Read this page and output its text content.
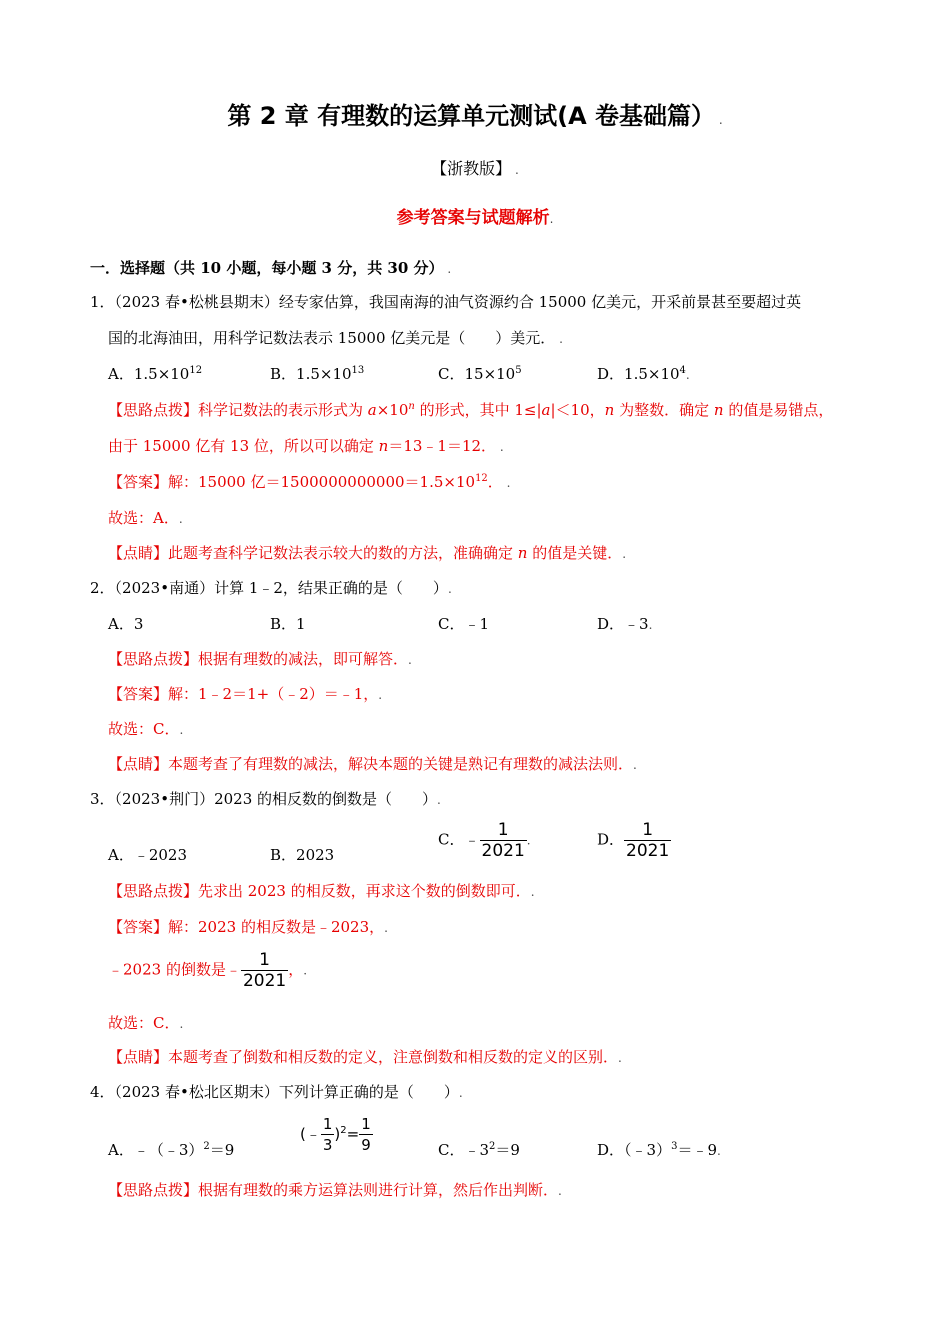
第 2 章 有理数的运算单元测试(A 卷基础篇） .
【浙教版】 .
参考答案与试题解析.
一．选择题（共 10 小题，每小题 3 分，共 30 分） .
1．（2023 春•松桃县期末）经专家估算，我国南海的油气资源约合 15000 亿美元，开采前景甚至要超过英
国的北海油田，用科学记数法表示 15000 亿美元是（　　）美元． .
A．$1.5\times 10^{12}$	B．$1.5\times 10^{13}$	C．$15\times 10^5$	D．$1.5\times 10^4$.
【思路点拨】科学记数法的表示形式为 $a\times 10^n$ 的形式，其中 1≤|a|＜10，n 为整数．确定 n 的值是易错点，
由于 15000 亿有 13 位，所以可以确定 n＝13﹣1＝12． .
【答案】解：15000 亿$=1500000000000=1.5\times 10^{12}$． .
故选：A．.
【点睛】此题考查科学记数法表示较大的数的方法，准确确定 n 的值是关键．.
2．（2023•南通）计算 1﹣2，结果正确的是（　　）.
A．3	B．1	C．﹣1	D．﹣3.
【思路点拨】根据有理数的减法，即可解答．.
【答案】解：1﹣2＝1+（﹣2）＝﹣1，.
故选：C．.
【点睛】本题考查了有理数的减法，解决本题的关键是熟记有理数的减法法则．.
3．（2023•荆门）2023 的相反数的倒数是（　　）.
A．﹣2023	B．2023
C．﹣ $\frac{1}{2021}$ .	D． $\frac{1}{2021}$
【思路点拨】先求出 2023 的相反数，再求这个数的倒数即可．.
【答案】解：2023 的相反数是﹣2023，.
﹣2023 的倒数是﹣ $\frac{1}{2021}$ ，.
故选：C．.
【点睛】本题考查了倒数和相反数的定义，注意倒数和相反数的定义的区别．.
4．（2023 春•松北区期末）下列计算正确的是（　　）.
A．﹣（﹣3）$^2$＝9
(﹣ $\frac{1}{3} )^2= \frac{1}{9}$	C．$﹣3^2=9$	D．（﹣3）$^3$＝﹣9.
【思路点拨】根据有理数的乘方运算法则进行计算，然后作出判断．.
